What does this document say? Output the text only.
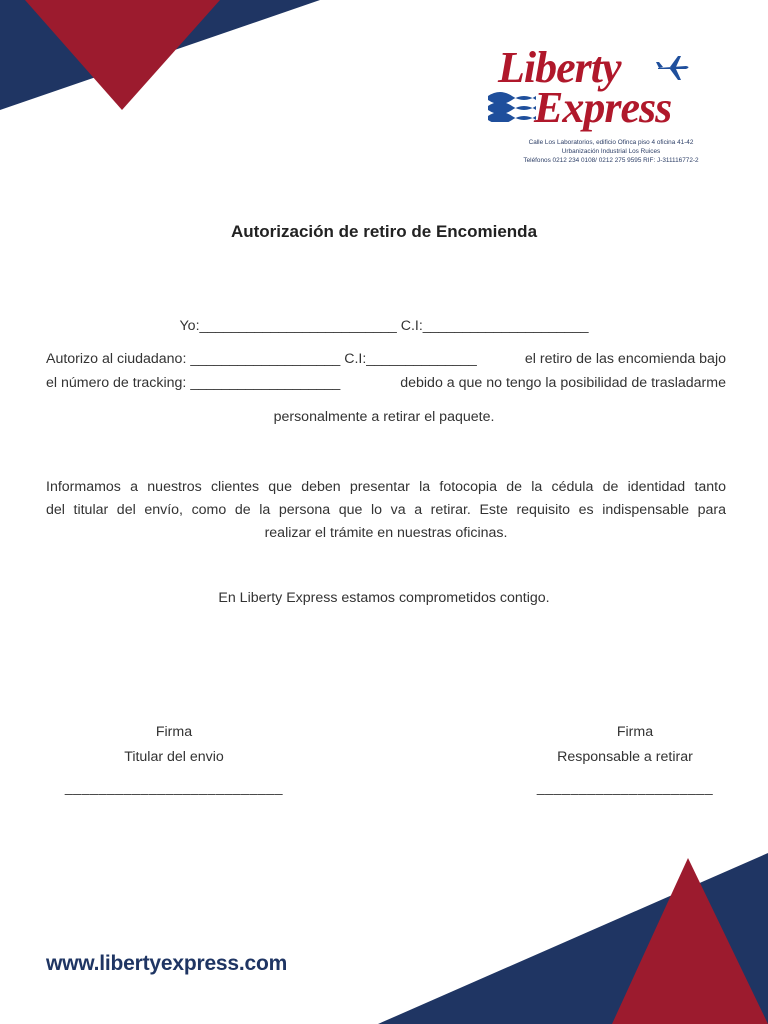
Liberty
Express
Calle Los Laboratorios, edificio Ofinca piso 4 oficina 41-42
Urbanización Industrial Los Ruices
Teléfonos 0212 234 0108/ 0212 275 9595 RIF: J-311116772-2
Autorización de retiro de Encomienda
Yo:_________________________ C.I:_____________________
Autorizo al ciudadano: ___________________ C.I:______________	el retiro de las encomienda bajo
el número de tracking: ___________________	debido a que no tengo la posibilidad de trasladarme
personalmente a retirar el paquete.
Informamos a nuestros clientes que deben presentar la fotocopia de la cédula de identidad tanto
del titular del envío, como de la persona que lo va a retirar. Este requisito es indispensable para
realizar el trámite en nuestras oficinas.
En Liberty Express estamos comprometidos contigo.
Firma
Titular del envio
__________________________
Firma
Responsable a retirar
_____________________
www.libertyexpress.com
